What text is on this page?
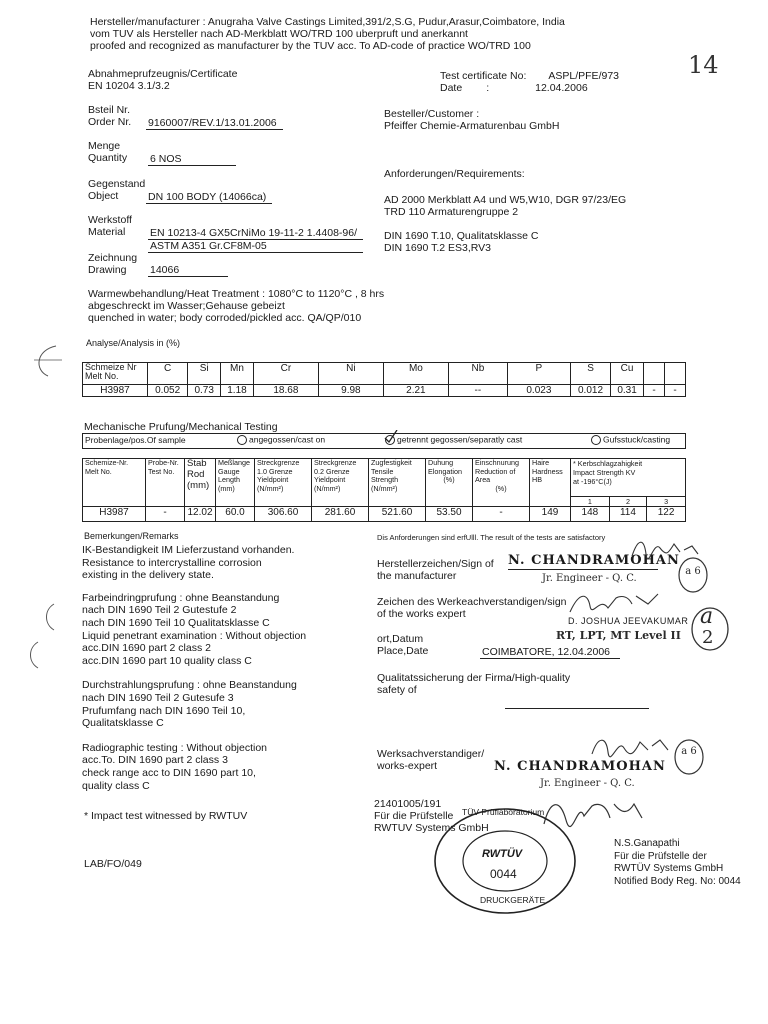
Hersteller/manufacturer : Anugraha Valve Castings Limited,391/2,S.G, Pudur,Arasur,Coimbatore, India
vom TUV als Hersteller nach AD-Merkblatt WO/TRD 100 uberpruft und anerkannt
proofed and recognized as manufacturer by the TUV acc. To AD-code of practice WO/TRD 100
14
Abnahmeprufzeugnis/Certificate
EN 10204 3.1/3.2
Test certificate No: ASPL/PFE/973
Date :	12.04.2006
Bsteil Nr.
Order Nr. 9160007/REV.1/13.01.2006
Besteller/Customer :
Pfeiffer Chemie-Armaturenbau GmbH
Menge
Quantity 6 NOS
Anforderungen/Requirements:
Gegenstand
Object	DN 100 BODY (14066ca)	AD 2000 Merkblatt A4 und W5,W10, DGR 97/23/EG
TRD 110 Armaturengruppe 2
Werkstoff
Material	EN 10213-4 GX5CrNiMo 19-11-2 1.4408-96/
ASTM A351 Gr.CF8M-05
DIN 1690 T.10, Qualitatsklasse C
DIN 1690 T.2 ES3,RV3
Zeichnung
Drawing	14066
Warmewbehandlung/Heat Treatment : 1080°C to 1120°C , 8 hrs
abgeschreckt im Wasser;Gehause gebeizt
quenched in water; body corroded/pickled acc. QA/QP/010
Analyse/Analysis in (%)
Schmeize Nr
Melt No.	C	Si	Mn	Cr	Ni	Mo	Nb	P	S	Cu		
H3987	0.052	0.73	1.18	18.68	9.98	2.21	--	0.023	0.012	0.31	-	-
Mechanische Prufung/Mechanical Testing
Probenlage/pos.Of sample	angegossen/cast on	getrennt gegossen/separatly cast	Gufsstuck/casting
Schemize-Nr.
Melt No.	Probe-Nr.
Test No.	Stab
Rod
(mm)	Meßlange
Gauge
Length
(mm)	Streckgrenze
1.0 Grenze
Yieldpoint
(N/mm²)	Streckgrenze
0.2 Grenze
Yieldpoint
(N/mm²)	Zugfestigkeit
Tensile
Strength
(N/mm²)	Duhung
Elongation
(%)	Einschnurung
Reduction of
Area
(%)	Haire
Hardness
HB	* Kerbschlagzahigkeit
Impact Strength KV
at -196°C(J)		

										1	2	3
H3987	-	12.02	60.0	306.60	281.60	521.60	53.50	-	149	148	114	122
Bemerkungen/Remarks	Dis Anforderungen sind erfUlll. The result of the tests are satisfactory
IK-Bestandigkeit IM Lieferzustand vorhanden.
Resistance to intercrystalline corrosion
existing in the delivery state.
Farbeindringprufung : ohne Beanstandung
nach DIN 1690 Teil 2 Gutestufe 2
nach DIN 1690 Teil 10 Qualitatsklasse C
Liquid penetrant examination : Without objection
acc.DIN 1690 part 2 class 2
acc.DIN 1690 part 10 quality class C
Durchstrahlungsprufung : ohne Beanstandung
nach DIN 1690 Teil 2 Gutesufe 3
Prufumfang nach DIN 1690 Teil 10,
Qualitatsklasse C
Radiographic testing : Without objection
acc.To. DIN 1690 part 2 class 3
check range acc to DIN 1690 part 10,
quality class C
* Impact test witnessed by RWTUV
LAB/FO/049
Herstellerzeichen/Sign of
the manufacturer
N. CHANDRAMOHAN
Jr. Engineer - Q. C.
a 6
Zeichen des Werkeachverstandigen/sign
of the works expert
D. JOSHUA JEEVAKUMAR
RT, LPT, MT Level II
a
2
ort,Datum
Place,Date	COIMBATORE, 12.04.2006
Qualitatssicherung der Firma/High-quality
safety of
Werksachverstandiger/
works-expert	N. CHANDRAMOHAN
Jr. Engineer - Q. C.
a 6
21401005/191
Für die Prüfstelle
RWTUV Systems GmbH
N.S.Ganapathi
Für die Prüfstelle der
RWTÜV Systems GmbH
Notified Body Reg. No: 0044
TÜV Prüflaboratorium
DRUCKGERÄTE
RWTÜV
0044
